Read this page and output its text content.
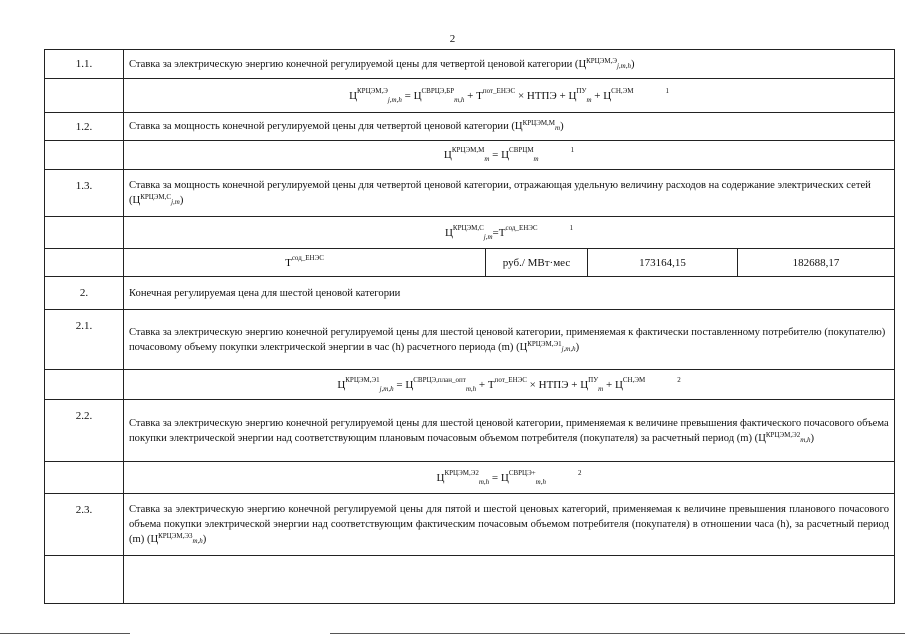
2
1.1.	Ставка за электрическую энергию конечной регулируемой цены для четвертой ценовой категории $(Ц^{КРЦЭМ,Э}j,m,h)$			
	$Ц^{КРЦЭМ,Э}j,m,h = Ц^{СВРЦЭ,БР}m,h + Т^{пот\_ЕНЭС}$ × НТПЭ + $Ц^{ПУ}m + Ц^{СН,ЭМ}$ $^1$
1.2.	Ставка за мощность конечной регулируемой цены для четвертой ценовой категории $(Ц^{КРЦЭМ,М}m)$			
	$Ц^{КРЦЭМ,М}m = Ц^{СВРЦМ}m^1$
1.3.	Ставка за мощность конечной регулируемой цены для четвертой ценовой категории, отражающая удельную величину расходов на содержание электрических сетей $(Ц^{КРЦЭМ,С}j,m)$			
	$Ц^{КРЦЭМ,С}j,m=Т^{сод\_ЕНЭС}$ $^1$
	$Т^{сод\_ЕНЭС}$	руб./ МВт·мес	173164,15	182688,17
2.	Конечная регулируемая цена для шестой ценовой категории			
2.1.	Ставка за электрическую энергию конечной регулируемой цены для шестой ценовой категории, применяемая к фактически поставленному потребителю (покупателю) почасовому объему покупки электрической энергии в час (h) расчетного периода (m) $(Ц^{КРЦЭМ,Э1}j,m,h)$			
	$Ц^{КРЦЭМ,Э1}j,m,h = Ц^{СВРЦЭ,план\_опт}m,h + Т^{пот\_ЕНЭС}$ × НТПЭ + $Ц^{ПУ}m + Ц^{СН,ЭМ}$ $^2$
2.2.	Ставка за электрическую энергию конечной регулируемой цены для шестой ценовой категории, применяемая к величине превышения фактического почасового объема покупки электрической энергии над соответствующим плановым почасовым объемом потребителя (покупателя) за расчетный период (m) $(Ц^{КРЦЭМ,Э2}m,h)$			
	$Ц^{КРЦЭМ,Э2}m,h = Ц^{СВРЦЭ+}m,h^2$
2.3.	Ставка за электрическую энергию конечной регулируемой цены для пятой и шестой ценовых категорий, применяемая к величине превышения планового почасового объема покупки электрической энергии над соответствующим фактическим почасовым объемом потребителя (покупателя) в отношении часа (h), за расчетный период (m) $(Ц^{КРЦЭМ,Э3}m,h)$			
